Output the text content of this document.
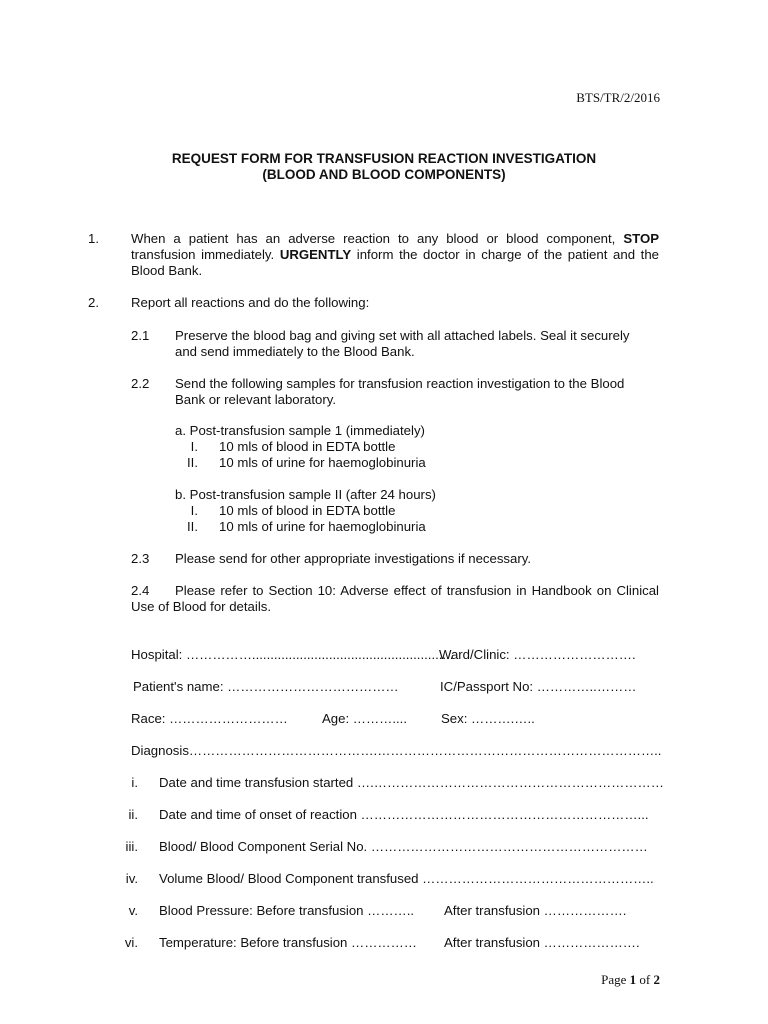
BTS/TR/2/2016
REQUEST FORM FOR TRANSFUSION REACTION INVESTIGATION
(BLOOD AND BLOOD COMPONENTS)
1. When a patient has an adverse reaction to any blood or blood component, STOP transfusion immediately. URGENTLY inform the doctor in charge of the patient and the Blood Bank.
2. Report all reactions and do the following:
2.1 Preserve the blood bag and giving set with all attached labels. Seal it securely and send immediately to the Blood Bank.
2.2 Send the following samples for transfusion reaction investigation to the Blood Bank or relevant laboratory.
a. Post-transfusion sample 1 (immediately)
I. 10 mls of blood in EDTA bottle
II. 10 mls of urine for haemoglobinuria
b. Post-transfusion sample II (after 24 hours)
I. 10 mls of blood in EDTA bottle
II. 10 mls of urine for haemoglobinuria
2.3 Please send for other appropriate investigations if necessary.
2.4 Please refer to Section 10: Adverse effect of transfusion in Handbook on Clinical Use of Blood for details.
Hospital: …………….......................................................
Ward/Clinic: ……………………….
Patient's name: …………………………………	IC/Passport No: …………..………
Race: ………………………	Age: ………....	Sex: ……….…..
Diagnosis…………………………………….………………………………………………………..
i. Date and time transfusion started ….…………………………………………………………
ii. Date and time of onset of reaction ………………………………………………………...
iii. Blood/ Blood Component Serial No. ………………………………………………………
iv. Volume Blood/ Blood Component transfused ……………………………………………..
v. Blood Pressure: Before transfusion ……….. After transfusion ……………….
vi. Temperature: Before transfusion …………… After transfusion ………………….
Page 1 of 2
